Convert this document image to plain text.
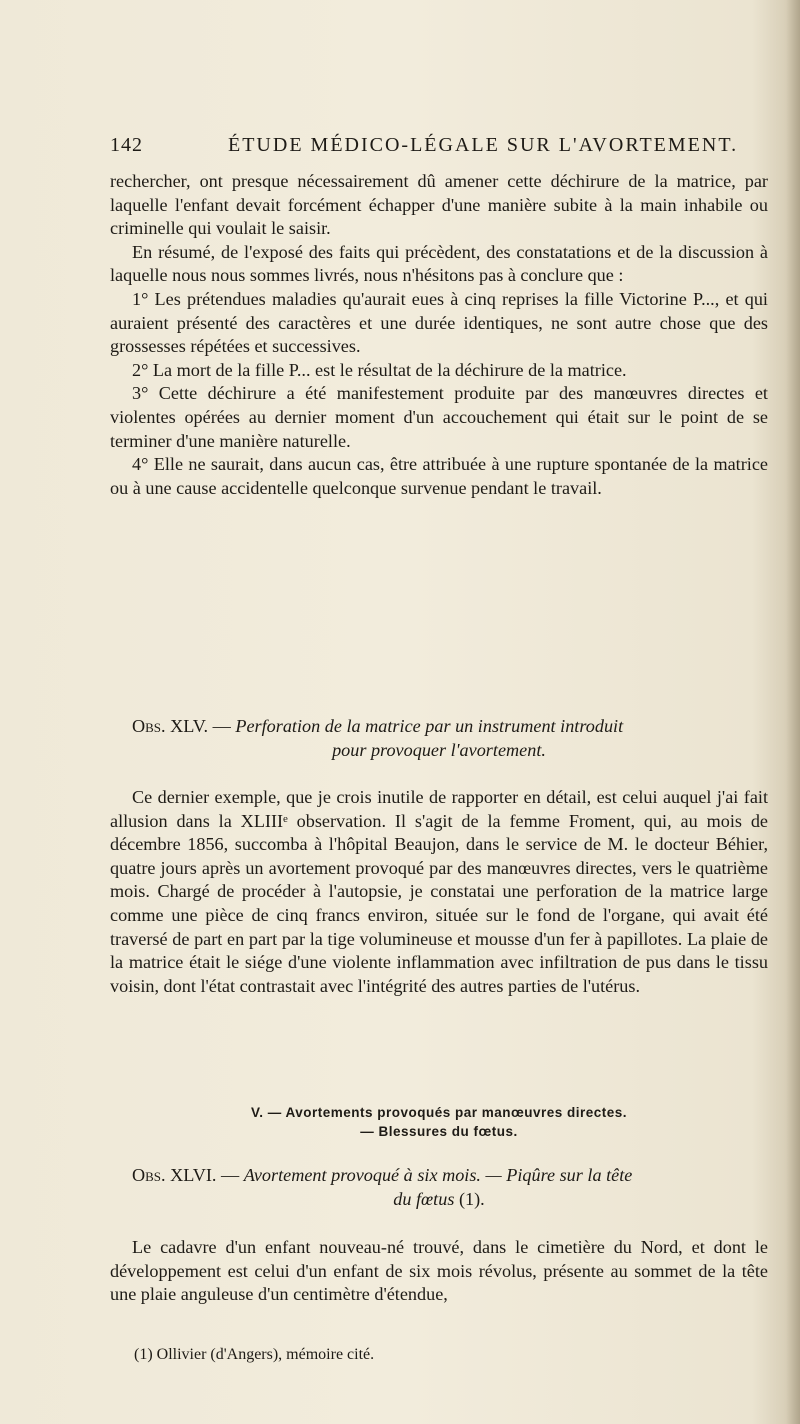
142	ÉTUDE MÉDICO-LÉGALE SUR L'AVORTEMENT.

rechercher, ont presque nécessairement dû amener cette déchirure de la matrice, par laquelle l'enfant devait forcément échapper d'une manière subite à la main inhabile ou criminelle qui voulait le saisir.

En résumé, de l'exposé des faits qui précèdent, des constatations et de la discussion à laquelle nous nous sommes livrés, nous n'hésitons pas à conclure que :

1° Les prétendues maladies qu'aurait eues à cinq reprises la fille Victorine P..., et qui auraient présenté des caractères et une durée identiques, ne sont autre chose que des grossesses répétées et successives.

2° La mort de la fille P... est le résultat de la déchirure de la matrice.

3° Cette déchirure a été manifestement produite par des manœuvres directes et violentes opérées au dernier moment d'un accouchement qui était sur le point de se terminer d'une manière naturelle.

4° Elle ne saurait, dans aucun cas, être attribuée à une rupture spontanée de la matrice ou à une cause accidentelle quelconque survenue pendant le travail.

Obs. XLV. — Perforation de la matrice par un instrument introduit
pour provoquer l'avortement.

Ce dernier exemple, que je crois inutile de rapporter en détail, est celui auquel j'ai fait allusion dans la XLIIIᵉ observation. Il s'agit de la femme Froment, qui, au mois de décembre 1856, succomba à l'hôpital Beaujon, dans le service de M. le docteur Béhier, quatre jours après un avortement provoqué par des manœuvres directes, vers le quatrième mois. Chargé de procéder à l'autopsie, je constatai une perforation de la matrice large comme une pièce de cinq francs environ, située sur le fond de l'organe, qui avait été traversé de part en part par la tige volumineuse et mousse d'un fer à papillotes. La plaie de la matrice était le siége d'une violente inflammation avec infiltration de pus dans le tissu voisin, dont l'état contrastait avec l'intégrité des autres parties de l'utérus.

V. — Avortements provoqués par manœuvres directes.
— Blessures du fœtus.
Obs. XLVI. — Avortement provoqué à six mois. — Piqûre sur la tête
du fœtus (1).

Le cadavre d'un enfant nouveau-né trouvé, dans le cimetière du Nord, et dont le développement est celui d'un enfant de six mois révolus, présente au sommet de la tête une plaie anguleuse d'un centimètre d'étendue,

(1) Ollivier (d'Angers), mémoire cité.
